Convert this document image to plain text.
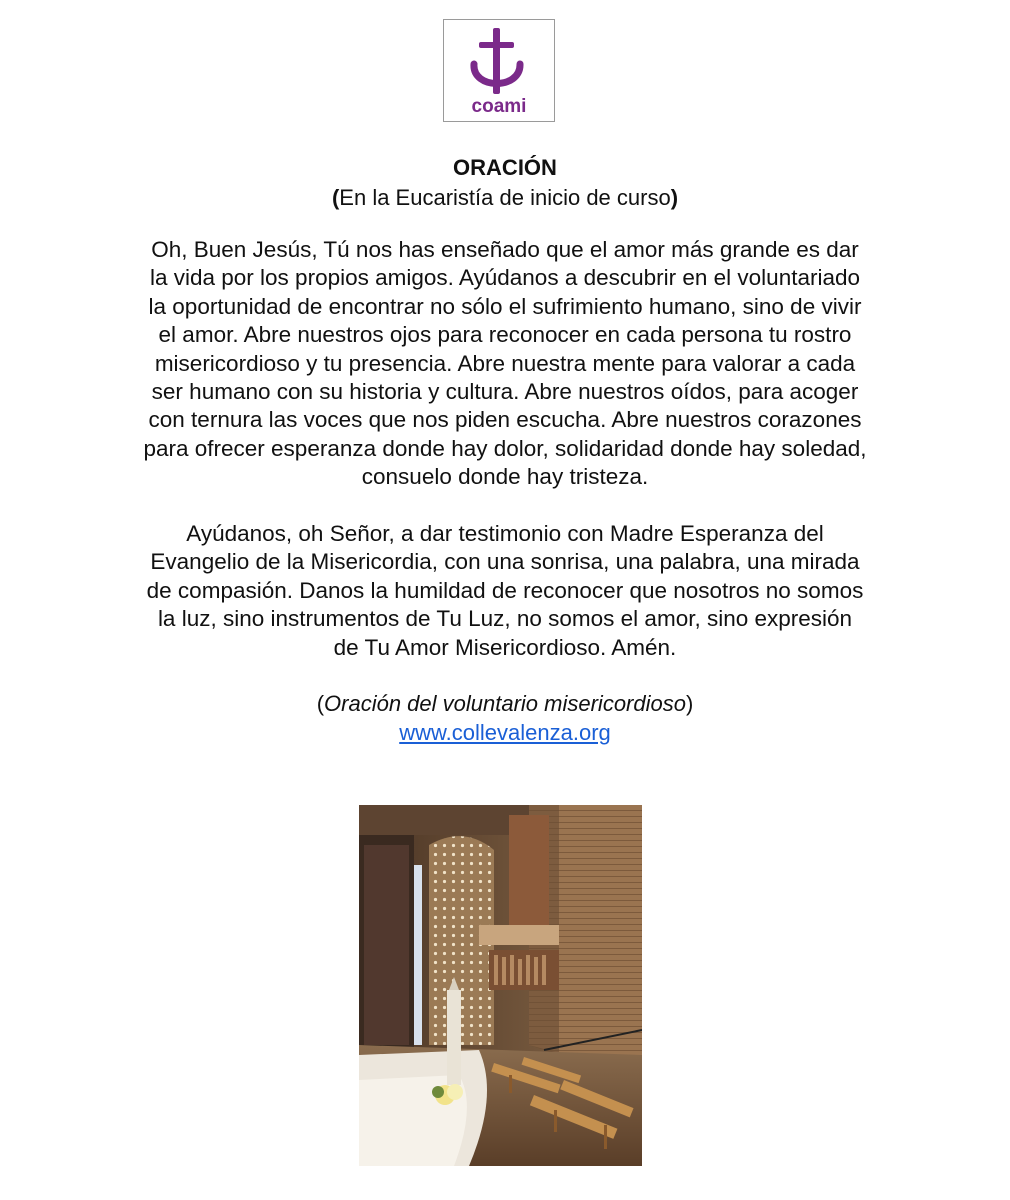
coami
ORACIÓN
(En la Eucaristía de inicio de curso)
Oh, Buen Jesús, Tú nos has enseñado que el amor más grande es dar
la vida por los propios amigos. Ayúdanos a descubrir en el voluntariado
la oportunidad de encontrar no sólo el sufrimiento humano, sino de vivir
el amor. Abre nuestros ojos para reconocer en cada persona tu rostro
misericordioso y tu presencia. Abre nuestra mente para valorar a cada
ser humano con su historia y cultura. Abre nuestros oídos, para acoger
con ternura las voces que nos piden escucha. Abre nuestros corazones
para ofrecer esperanza donde hay dolor, solidaridad donde hay soledad,
consuelo donde hay tristeza.
Ayúdanos, oh Señor, a dar testimonio con Madre Esperanza del
Evangelio de la Misericordia, con una sonrisa, una palabra, una mirada
de compasión. Danos la humildad de reconocer que nosotros no somos
la luz, sino instrumentos de Tu Luz, no somos el amor, sino expresión
de Tu Amor Misericordioso. Amén.
(Oración del voluntario misericordioso)
www.collevalenza.org
